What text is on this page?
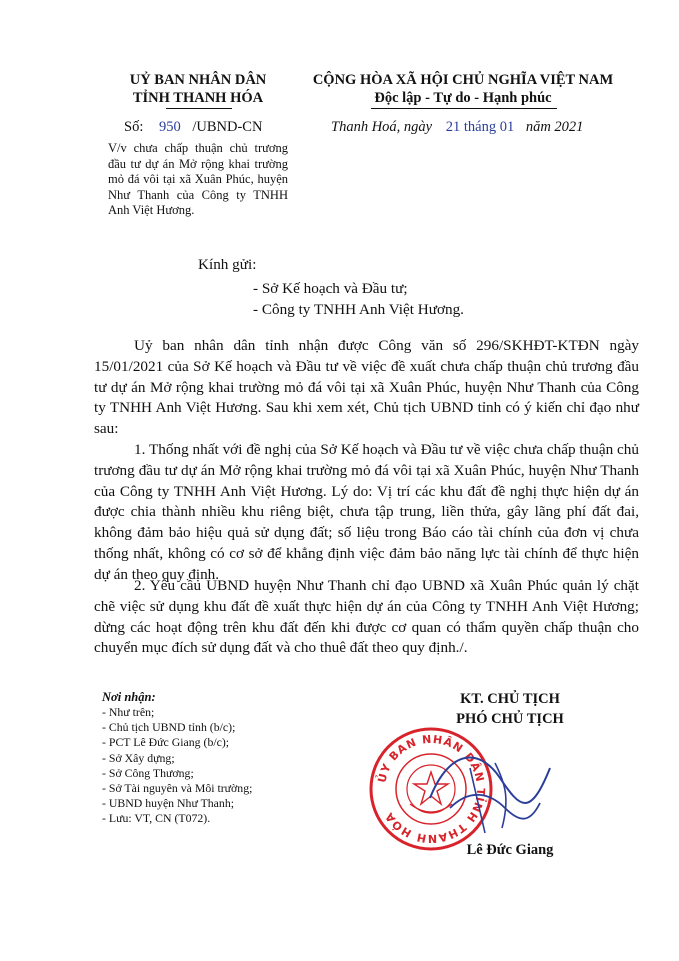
UỶ BAN NHÂN DÂN
TỈNH THANH HÓA
CỘNG HÒA XÃ HỘI CHỦ NGHĨA VIỆT NAM
Độc lập - Tự do - Hạnh phúc
Số: 950 /UBND-CN	Thanh Hoá, ngày 21 tháng 01 năm 2021
V/v chưa chấp thuận chủ trương đầu tư dự án Mở rộng khai trường mỏ đá vôi tại xã Xuân Phúc, huyện Như Thanh của Công ty TNHH Anh Việt Hương.
Kính gửi:
- Sở Kế hoạch và Đầu tư;
- Công ty TNHH Anh Việt Hương.
Uỷ ban nhân dân tỉnh nhận được Công văn số 296/SKHĐT-KTĐN ngày 15/01/2021 của Sở Kế hoạch và Đầu tư về việc đề xuất chưa chấp thuận chủ trương đầu tư dự án Mở rộng khai trường mỏ đá vôi tại xã Xuân Phúc, huyện Như Thanh của Công ty TNHH Anh Việt Hương. Sau khi xem xét, Chủ tịch UBND tỉnh có ý kiến chỉ đạo như sau:
1. Thống nhất với đề nghị của Sở Kế hoạch và Đầu tư về việc chưa chấp thuận chủ trương đầu tư dự án Mở rộng khai trường mỏ đá vôi tại xã Xuân Phúc, huyện Như Thanh của Công ty TNHH Anh Việt Hương. Lý do: Vị trí các khu đất đề nghị thực hiện dự án được chia thành nhiều khu riêng biệt, chưa tập trung, liền thửa, gây lãng phí đất đai, không đảm bảo hiệu quả sử dụng đất; số liệu trong Báo cáo tài chính của đơn vị chưa thống nhất, không có cơ sở để khẳng định việc đảm bảo năng lực tài chính để thực hiện dự án theo quy định.
2. Yêu cầu UBND huyện Như Thanh chỉ đạo UBND xã Xuân Phúc quản lý chặt chẽ việc sử dụng khu đất đề xuất thực hiện dự án của Công ty TNHH Anh Việt Hương; dừng các hoạt động trên khu đất đến khi được cơ quan có thẩm quyền chấp thuận cho chuyển mục đích sử dụng đất và cho thuê đất theo quy định./.
Nơi nhận:
- Như trên;
- Chủ tịch UBND tỉnh (b/c);
- PCT Lê Đức Giang (b/c);
- Sở Xây dựng;
- Sở Công Thương;
- Sở Tài nguyên và Môi trường;
- UBND huyện Như Thanh;
- Lưu: VT, CN (T072).
KT. CHỦ TỊCH
PHÓ CHỦ TỊCH
ỦY BAN NHÂN DÂN TỈNH THANH HÓA
Lê Đức Giang
